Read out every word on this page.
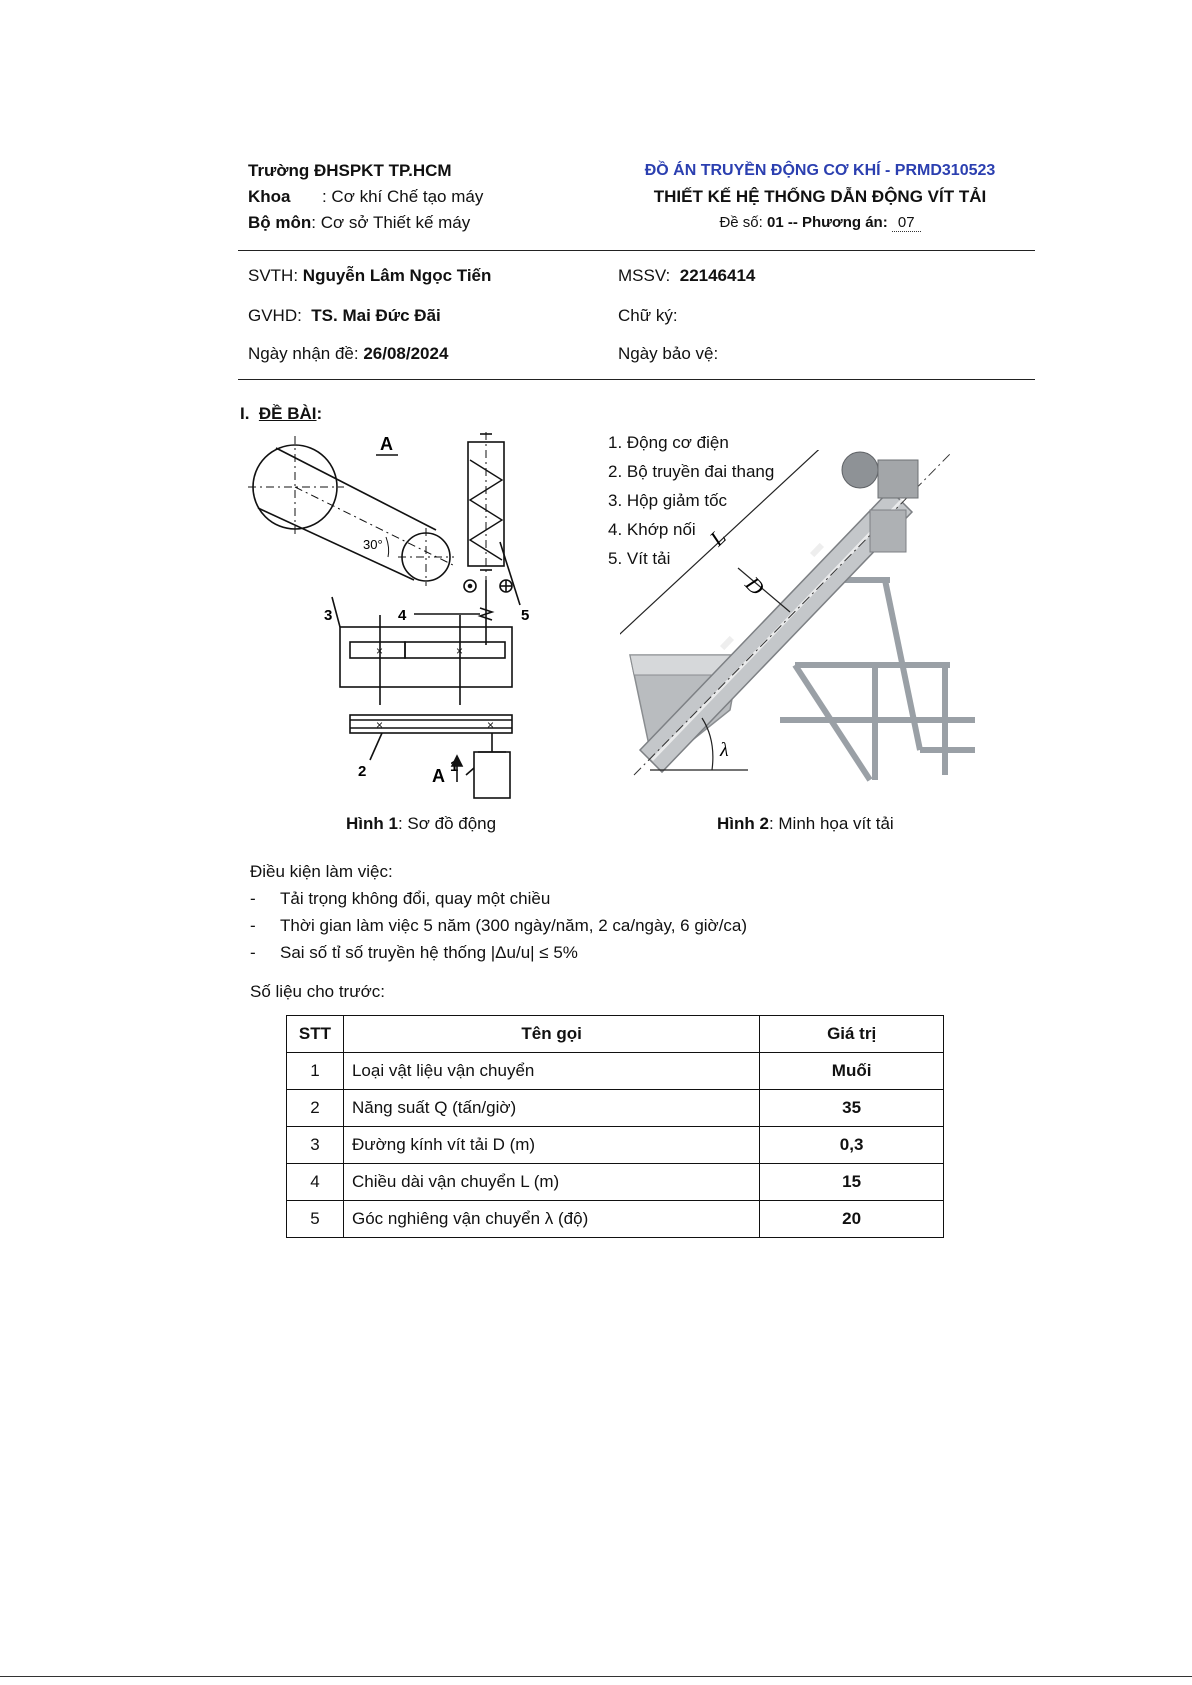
Trường ĐHSPKT TP.HCM
Khoa : Cơ khí Chế tạo máy
Bộ môn: Cơ sở Thiết kế máy
ĐỒ ÁN TRUYỀN ĐỘNG CƠ KHÍ - PRMD310523
THIẾT KẾ HỆ THỐNG DẪN ĐỘNG VÍT TẢI
Đề số: 01 -- Phương án: 07
SVTH: Nguyễn Lâm Ngọc Tiến	MSSV: 22146414
GVHD: TS. Mai Đức Đãi	Chữ ký:
Ngày nhận đề: 26/08/2024	Ngày bảo vệ:
I. ĐỀ BÀI:
30°
A
5
4
×	×
3
×	×
2	A
Hình 1: Sơ đồ động
1. Động cơ điện
2. Bộ truyền đai thang
3. Hộp giảm tốc
4. Khớp nối
5. Vít tải
L
D
λ
Hình 2: Minh họa vít tải
Điều kiện làm việc:
- Tải trọng không đổi, quay một chiều
- Thời gian làm việc 5 năm (300 ngày/năm, 2 ca/ngày, 6 giờ/ca)
- Sai số tỉ số truyền hệ thống |Δu/u| ≤ 5%
Số liệu cho trước:
STT	Tên gọi	Giá trị
1	Loại vật liệu vận chuyển	Muối
2	Năng suất Q (tấn/giờ)	35
3	Đường kính vít tải D (m)	0,3
4	Chiều dài vận chuyển L (m)	15
5	Góc nghiêng vận chuyển λ (độ)	20
